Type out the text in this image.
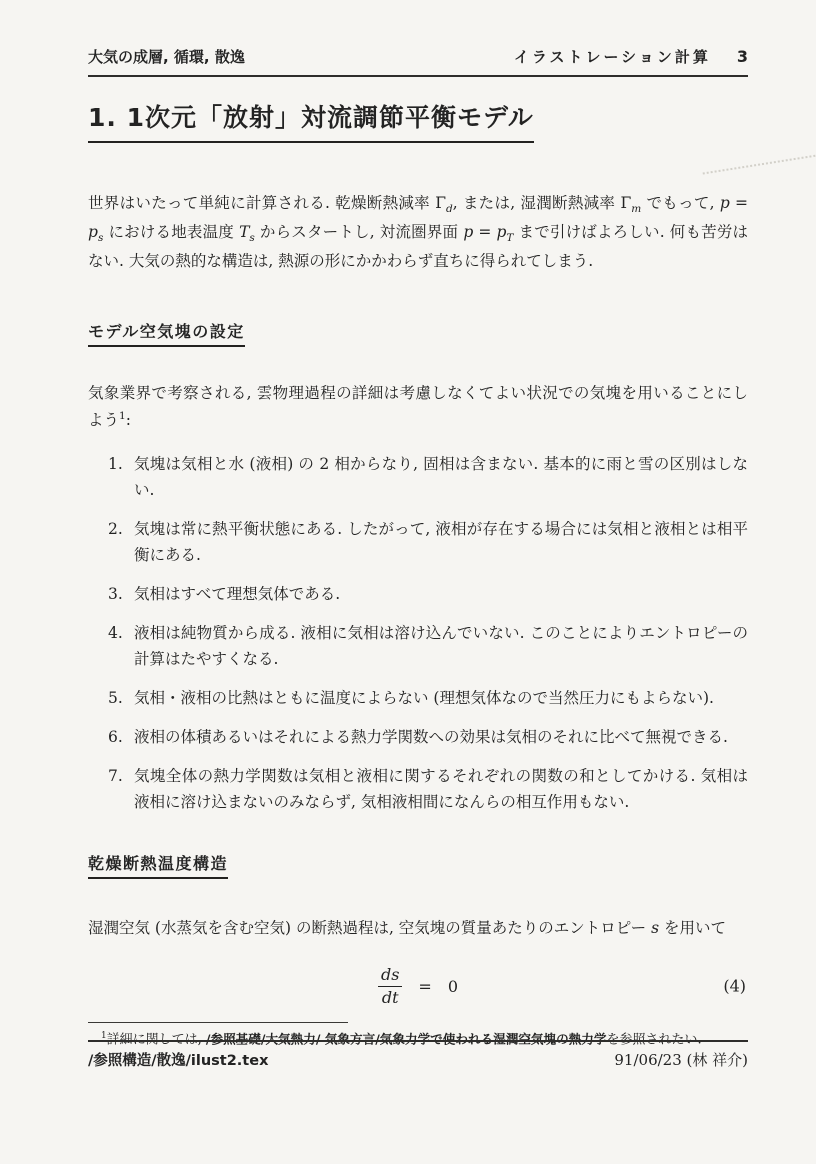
大気の成層, 循環, 散逸	イラストレーション計算 3
1. 1次元「放射」対流調節平衡モデル

世界はいたって単純に計算される. 乾燥断熱減率 $\Gamma_d$, または, 湿潤断熱減率 $\Gamma_m$ でもって, $p = p_s$ における地表温度 $T_s$ からスタートし, 対流圏界面 $p = p_T$ まで引けばよろしい. 何も苦労はない. 大気の熱的な構造は, 熱源の形にかかわらず直ちに得られてしまう.

モデル空気塊の設定

気象業界で考察される, 雲物理過程の詳細は考慮しなくてよい状況での気塊を用いることにしよう$^1$:

1. 気塊は気相と水 (液相) の 2 相からなり, 固相は含まない. 基本的に雨と雪の区別はしない.
2. 気塊は常に熱平衡状態にある. したがって, 液相が存在する場合には気相と液相とは相平衡にある.
3. 気相はすべて理想気体である.
4. 液相は純物質から成る. 液相に気相は溶け込んでいない. このことによりエントロピーの計算はたやすくなる.
5. 気相・液相の比熱はともに温度によらない (理想気体なので当然圧力にもよらない).
6. 液相の体積あるいはそれによる熱力学関数への効果は気相のそれに比べて無視できる.
7. 気塊全体の熱力学関数は気相と液相に関するそれぞれの関数の和としてかける. 気相は液相に溶け込まないのみならず, 気相液相間になんらの相互作用もない.
乾燥断熱温度構造

湿潤空気 (水蒸気を含む空気) の断熱過程は, 空気塊の質量あたりのエントロピー s を用いて

$\frac{ds}{dt} = 0$	(4)

$^1$詳細に関しては, /参照基礎/大気熱力/ 気象方言/気象力学で使われる湿潤空気塊の熱力学を参照されたい.

/参照構造/散逸/ilust2.tex	91/06/23 (林 祥介)
